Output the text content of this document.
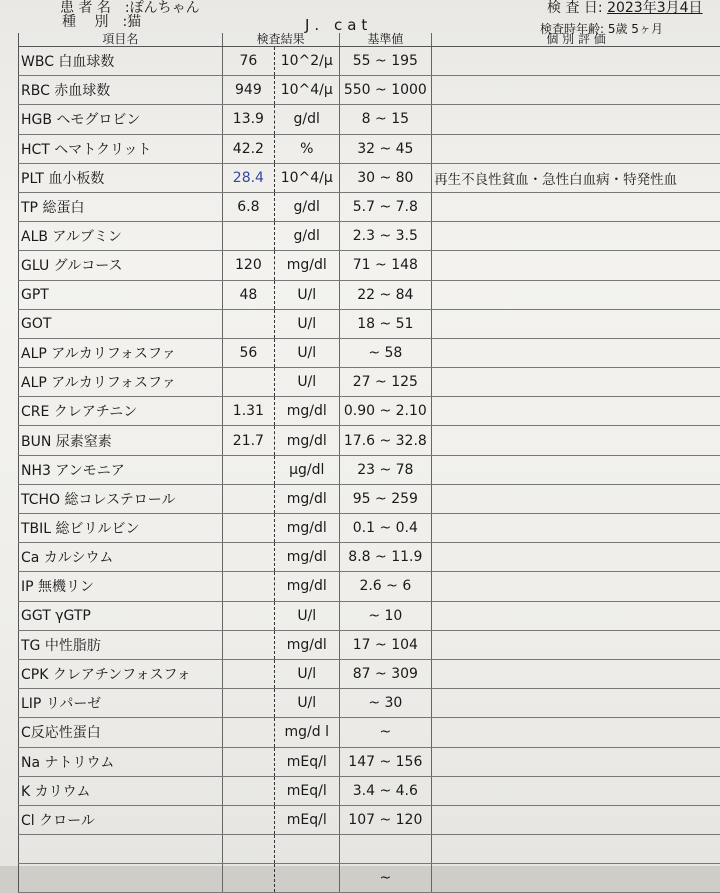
患 者 名　:ぽんちゃん
種　 別　:猫	J. cat
検 査 日: 2023年3月4日
検査時年齢: 5歳 5ヶ月
項目名	検査結果		基準値	個 別 評 価
WBC 白血球数	76	10^2/μ	55 ~ 195	
RBC 赤血球数	949	10^4/μ	550 ~ 1000	
HGB ヘモグロビン	13.9	g/dl	8 ~ 15	
HCT ヘマトクリット	42.2	%	32 ~ 45	
PLT 血小板数	28.4	10^4/μ	30 ~ 80	再生不良性貧血・急性白血病・特発性血
TP 総蛋白	6.8	g/dl	5.7 ~ 7.8	
ALB アルブミン		g/dl	2.3 ~ 3.5	
GLU グルコース	120	mg/dl	71 ~ 148	
GPT	48	U/l	22 ~ 84	
GOT		U/l	18 ~ 51	
ALP アルカリフォスファ	56	U/l	~ 58	
ALP アルカリフォスファ		U/l	27 ~ 125	
CRE クレアチニン	1.31	mg/dl	0.90 ~ 2.10	
BUN 尿素窒素	21.7	mg/dl	17.6 ~ 32.8	
NH3 アンモニア		μg/dl	23 ~ 78	
TCHO 総コレステロール		mg/dl	95 ~ 259	
TBIL 総ビリルビン		mg/dl	0.1 ~ 0.4	
Ca カルシウム		mg/dl	8.8 ~ 11.9	
IP 無機リン		mg/dl	2.6 ~ 6	
GGT γGTP		U/l	~ 10	
TG 中性脂肪		mg/dl	17 ~ 104	
CPK クレアチンフォスフォ		U/l	87 ~ 309	
LIP リパーゼ		U/l	~ 30	
C反応性蛋白		mg/d l	~	
Na ナトリウム		mEq/l	147 ~ 156	
K カリウム		mEq/l	3.4 ~ 4.6	
Cl クロール		mEq/l	107 ~ 120	

			~	
